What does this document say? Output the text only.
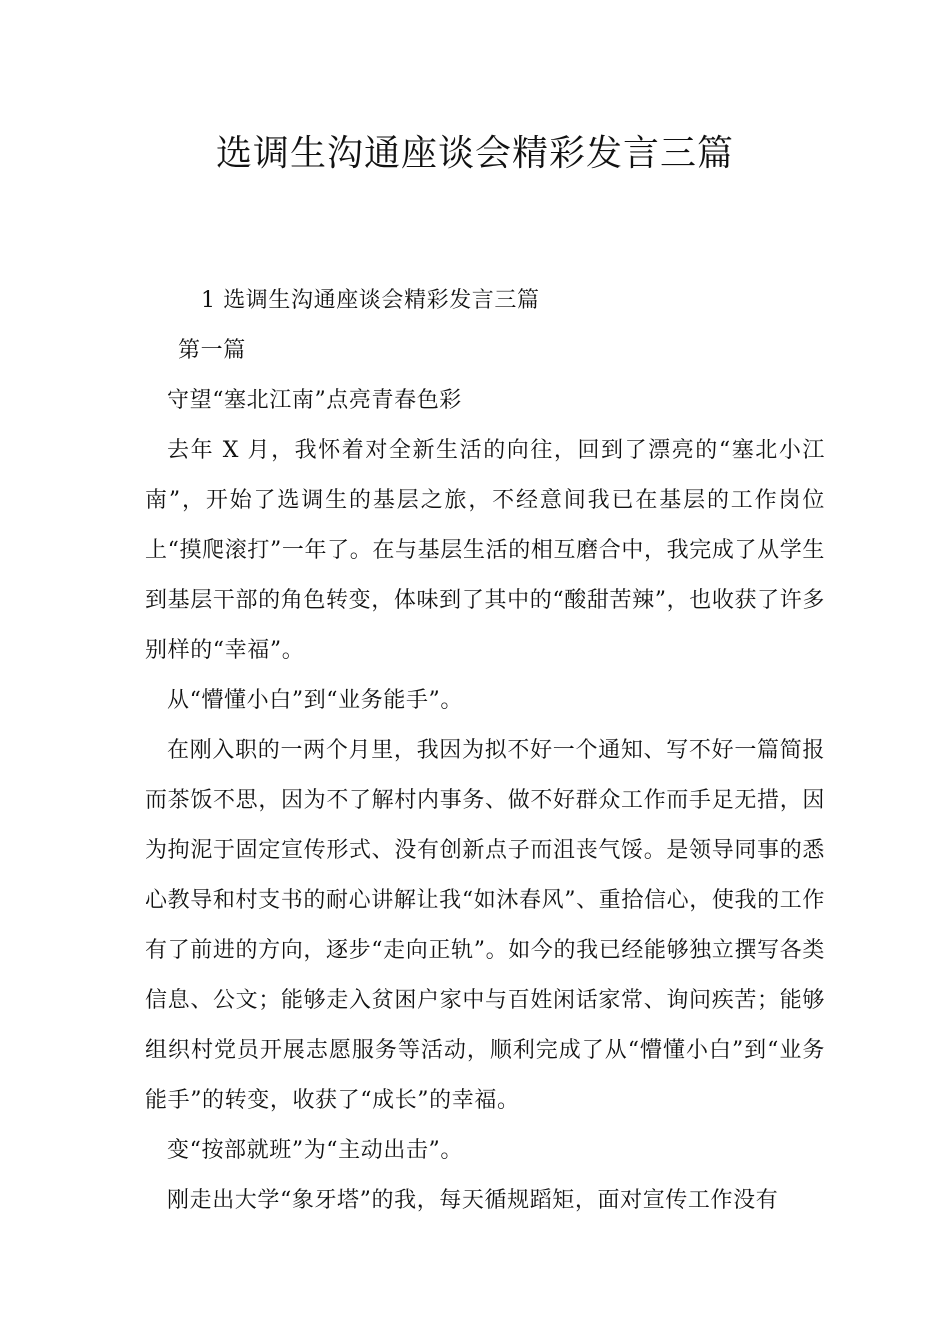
选调生沟通座谈会精彩发言三篇

1 选调生沟通座谈会精彩发言三篇

第一篇

守望“塞北江南”点亮青春色彩

去年 X 月，我怀着对全新生活的向往，回到了漂亮的“塞北小江南”，开始了选调生的基层之旅，不经意间我已在基层的工作岗位上“摸爬滚打”一年了。在与基层生活的相互磨合中，我完成了从学生到基层干部的角色转变，体味到了其中的“酸甜苦辣”，也收获了许多别样的“幸福”。

从“懵懂小白”到“业务能手”。

在刚入职的一两个月里，我因为拟不好一个通知、写不好一篇简报而茶饭不思，因为不了解村内事务、做不好群众工作而手足无措，因为拘泥于固定宣传形式、没有创新点子而沮丧气馁。是领导同事的悉心教导和村支书的耐心讲解让我“如沐春风”、重拾信心，使我的工作有了前进的方向，逐步“走向正轨”。如今的我已经能够独立撰写各类信息、公文；能够走入贫困户家中与百姓闲话家常、询问疾苦；能够组织村党员开展志愿服务等活动，顺利完成了从“懵懂小白”到“业务能手”的转变，收获了“成长”的幸福。

变“按部就班”为“主动出击”。

刚走出大学“象牙塔”的我，每天循规蹈矩，面对宣传工作没有
